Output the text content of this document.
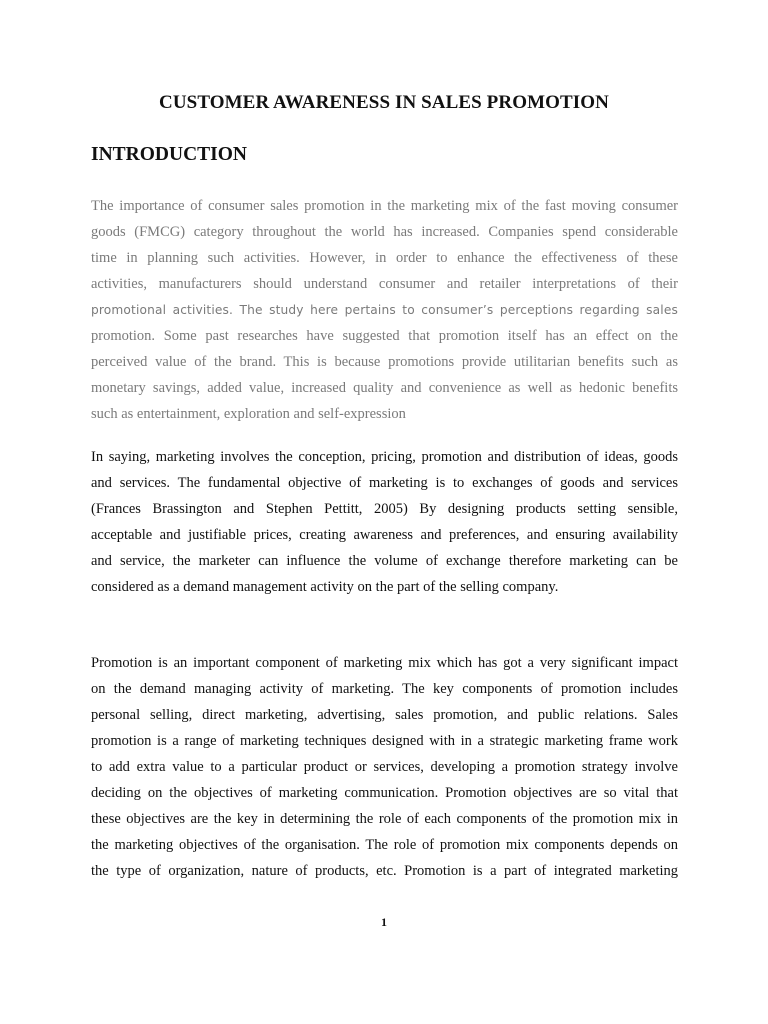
CUSTOMER AWARENESS IN SALES PROMOTION
INTRODUCTION

The importance of consumer sales promotion in the marketing mix of the fast moving consumer
goods (FMCG) category throughout the world has increased. Companies spend considerable
time in planning such activities. However, in order to enhance the effectiveness of these
activities, manufacturers should understand consumer and retailer interpretations of their
promotional activities. The study here pertains to consumer’s perceptions regarding sales
promotion. Some past researches have suggested that promotion itself has an effect on the
perceived value of the brand. This is because promotions provide utilitarian benefits such as
monetary savings, added value, increased quality and convenience as well as hedonic benefits
such as entertainment, exploration and self-expression

In saying, marketing involves the conception, pricing, promotion and distribution of ideas, goods
and services. The fundamental objective of marketing is to exchanges of goods and services
(Frances Brassington and Stephen Pettitt, 2005) By designing products setting sensible,
acceptable and justifiable prices, creating awareness and preferences, and ensuring availability
and service, the marketer can influence the volume of exchange therefore marketing can be
considered as a demand management activity on the part of the selling company.

Promotion is an important component of marketing mix which has got a very significant impact
on the demand managing activity of marketing. The key components of promotion includes
personal selling, direct marketing, advertising, sales promotion, and public relations. Sales
promotion is a range of marketing techniques designed with in a strategic marketing frame work
to add extra value to a particular product or services, developing a promotion strategy involve
deciding on the objectives of marketing communication. Promotion objectives are so vital that
these objectives are the key in determining the role of each components of the promotion mix in
the marketing objectives of the organisation. The role of promotion mix components depends on
the type of organization, nature of products, etc. Promotion is a part of integrated marketing

1
